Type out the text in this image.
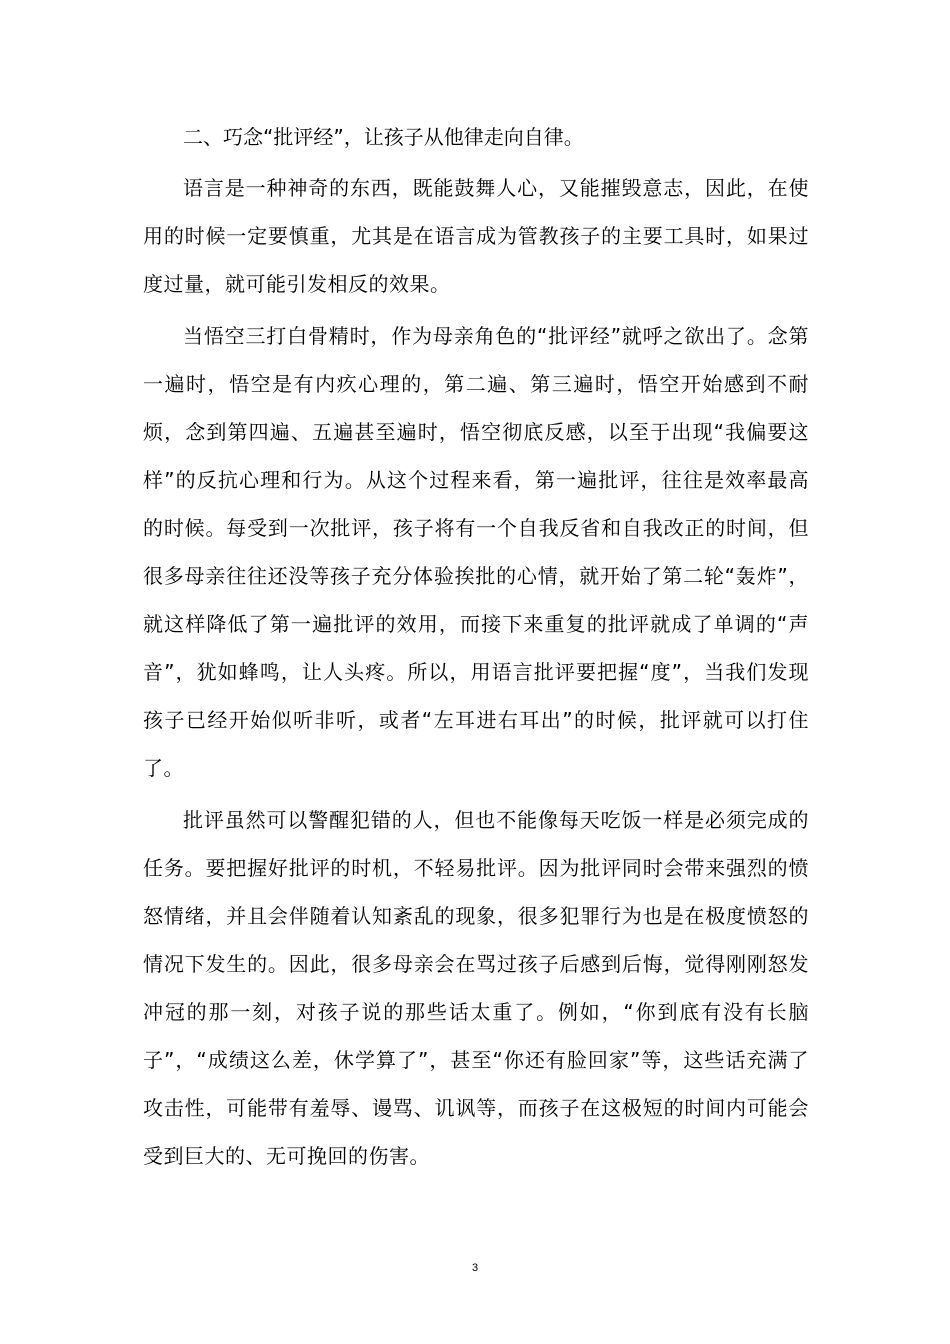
二、巧念“批评经”，让孩子从他律走向自律。

语言是一种神奇的东西，既能鼓舞人心，又能摧毁意志，因此，在使用的时候一定要慎重，尤其是在语言成为管教孩子的主要工具时，如果过度过量，就可能引发相反的效果。

当悟空三打白骨精时，作为母亲角色的“批评经”就呼之欲出了。念第一遍时，悟空是有内疚心理的，第二遍、第三遍时，悟空开始感到不耐烦，念到第四遍、五遍甚至遍时，悟空彻底反感，以至于出现“我偏要这样”的反抗心理和行为。从这个过程来看，第一遍批评，往往是效率最高的时候。每受到一次批评，孩子将有一个自我反省和自我改正的时间，但很多母亲往往还没等孩子充分体验挨批的心情，就开始了第二轮“轰炸”，就这样降低了第一遍批评的效用，而接下来重复的批评就成了单调的“声音”，犹如蜂鸣，让人头疼。所以，用语言批评要把握“度”，当我们发现孩子已经开始似听非听，或者“左耳进右耳出”的时候，批评就可以打住了。

批评虽然可以警醒犯错的人，但也不能像每天吃饭一样是必须完成的任务。要把握好批评的时机，不轻易批评。因为批评同时会带来强烈的愤怒情绪，并且会伴随着认知紊乱的现象，很多犯罪行为也是在极度愤怒的情况下发生的。因此，很多母亲会在骂过孩子后感到后悔，觉得刚刚怒发冲冠的那一刻，对孩子说的那些话太重了。例如，“你到底有没有长脑子”，“成绩这么差，休学算了”，甚至“你还有脸回家”等，这些话充满了攻击性，可能带有羞辱、谩骂、讥讽等，而孩子在这极短的时间内可能会受到巨大的、无可挽回的伤害。

3
